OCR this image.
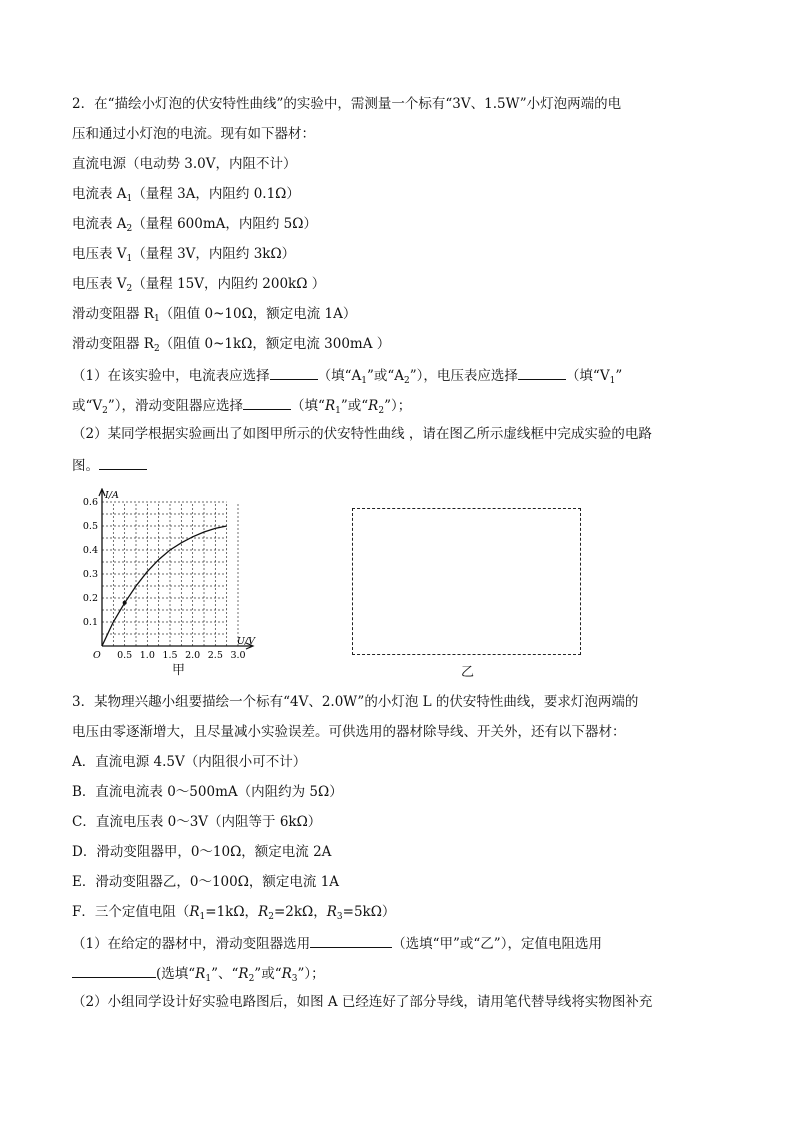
2．在“描绘小灯泡的伏安特性曲线”的实验中，需测量一个标有“3V、1.5W”小灯泡两端的电
压和通过小灯泡的电流。现有如下器材：
直流电源（电动势 3.0V，内阻不计）
电流表 $A_1$（量程 3A，内阻约 0.1Ω）
电流表 $A_2$（量程 600mA，内阻约 5Ω）
电压表 $V_1$（量程 3V，内阻约 3kΩ）
电压表 $V_2$（量程 15V，内阻约 200kΩ ）
滑动变阻器 $R_1$（阻值 0~10Ω，额定电流 1A）
滑动变阻器 $R_2$（阻值 0~1kΩ，额定电流 300mA ）
（1）在该实验中，电流表应选择	（填“$A_1$”或“$A_2$”），电压表应选择	（填“$V_1$”
或“$V_2$”），滑动变阻器应选择	（填“$R_1$”或“$R_2$”）；
（2）某同学根据实验画出了如图甲所示的伏安特性曲线 ，请在图乙所示虚线框中完成实验的电路
图。
0.5 1.0 1.5 2.0 2.5 3.0
0.1
0.2
0.3
0.4
0.5
0.6
O
I/A
U/V
甲	乙
3．某物理兴趣小组要描绘一个标有“4V、2.0W”的小灯泡 L 的伏安特性曲线，要求灯泡两端的
电压由零逐渐增大，且尽量减小实验误差。可供选用的器材除导线、开关外，还有以下器材：
A．直流电源 4.5V（内阻很小可不计）
B．直流电流表 0～500mA（内阻约为 5Ω）
C．直流电压表 0～3V（内阻等于 6kΩ）
D．滑动变阻器甲，0～10Ω，额定电流 2A
E．滑动变阻器乙，0～100Ω，额定电流 1A
F．三个定值电阻（$R_1=1k\Omega$，$R_2=2k\Omega$，$R_3=5k\Omega$）
（1）在给定的器材中，滑动变阻器选用	（选填“甲”或“乙”），定值电阻选用
(选填“$R_1$”、“$R_2$”或“$R_3$”）；
（2）小组同学设计好实验电路图后，如图 A 已经连好了部分导线，请用笔代替导线将实物图补充
